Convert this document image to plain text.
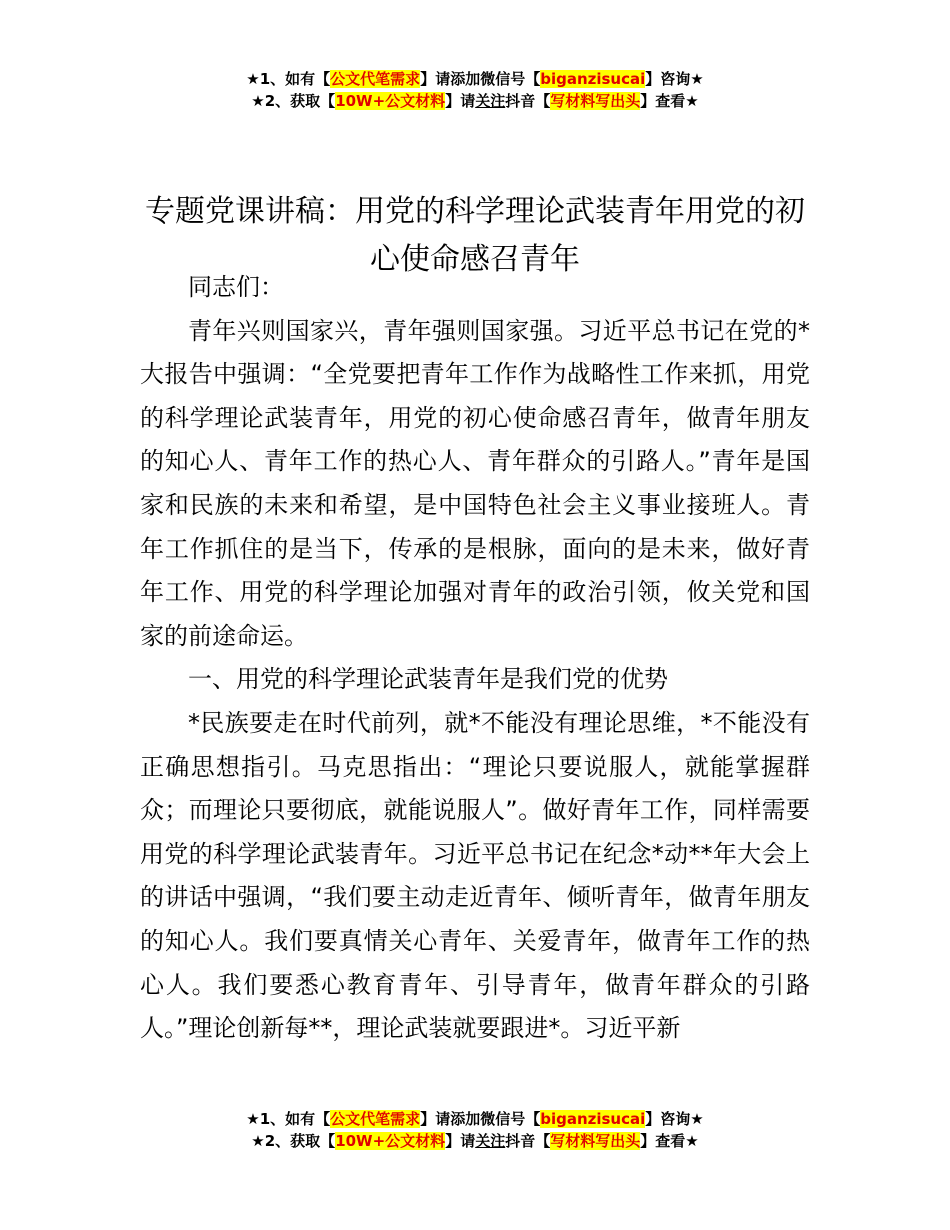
★1、如有【公文代笔需求】请添加微信号【biganzisucai】咨询★
★2、获取【10W+公文材料】请关注抖音【写材料写出头】查看★
专题党课讲稿：用党的科学理论武装青年用党的初心使命感召青年

同志们：

青年兴则国家兴，青年强则国家强。习近平总书记在党的*大报告中强调：“全党要把青年工作作为战略性工作来抓，用党的科学理论武装青年，用党的初心使命感召青年，做青年朋友的知心人、青年工作的热心人、青年群众的引路人。”青年是国家和民族的未来和希望，是中国特色社会主义事业接班人。青年工作抓住的是当下，传承的是根脉，面向的是未来，做好青年工作、用党的科学理论加强对青年的政治引领，攸关党和国家的前途命运。

一、用党的科学理论武装青年是我们党的优势

*民族要走在时代前列，就*不能没有理论思维，*不能没有正确思想指引。马克思指出：“理论只要说服人，就能掌握群众；而理论只要彻底，就能说服人”。做好青年工作，同样需要用党的科学理论武装青年。习近平总书记在纪念*动**年大会上的讲话中强调，“我们要主动走近青年、倾听青年，做青年朋友的知心人。我们要真情关心青年、关爱青年，做青年工作的热心人。我们要悉心教育青年、引导青年，做青年群众的引路人。”理论创新每**，理论武装就要跟进*。习近平新

★1、如有【公文代笔需求】请添加微信号【biganzisucai】咨询★
★2、获取【10W+公文材料】请关注抖音【写材料写出头】查看★
